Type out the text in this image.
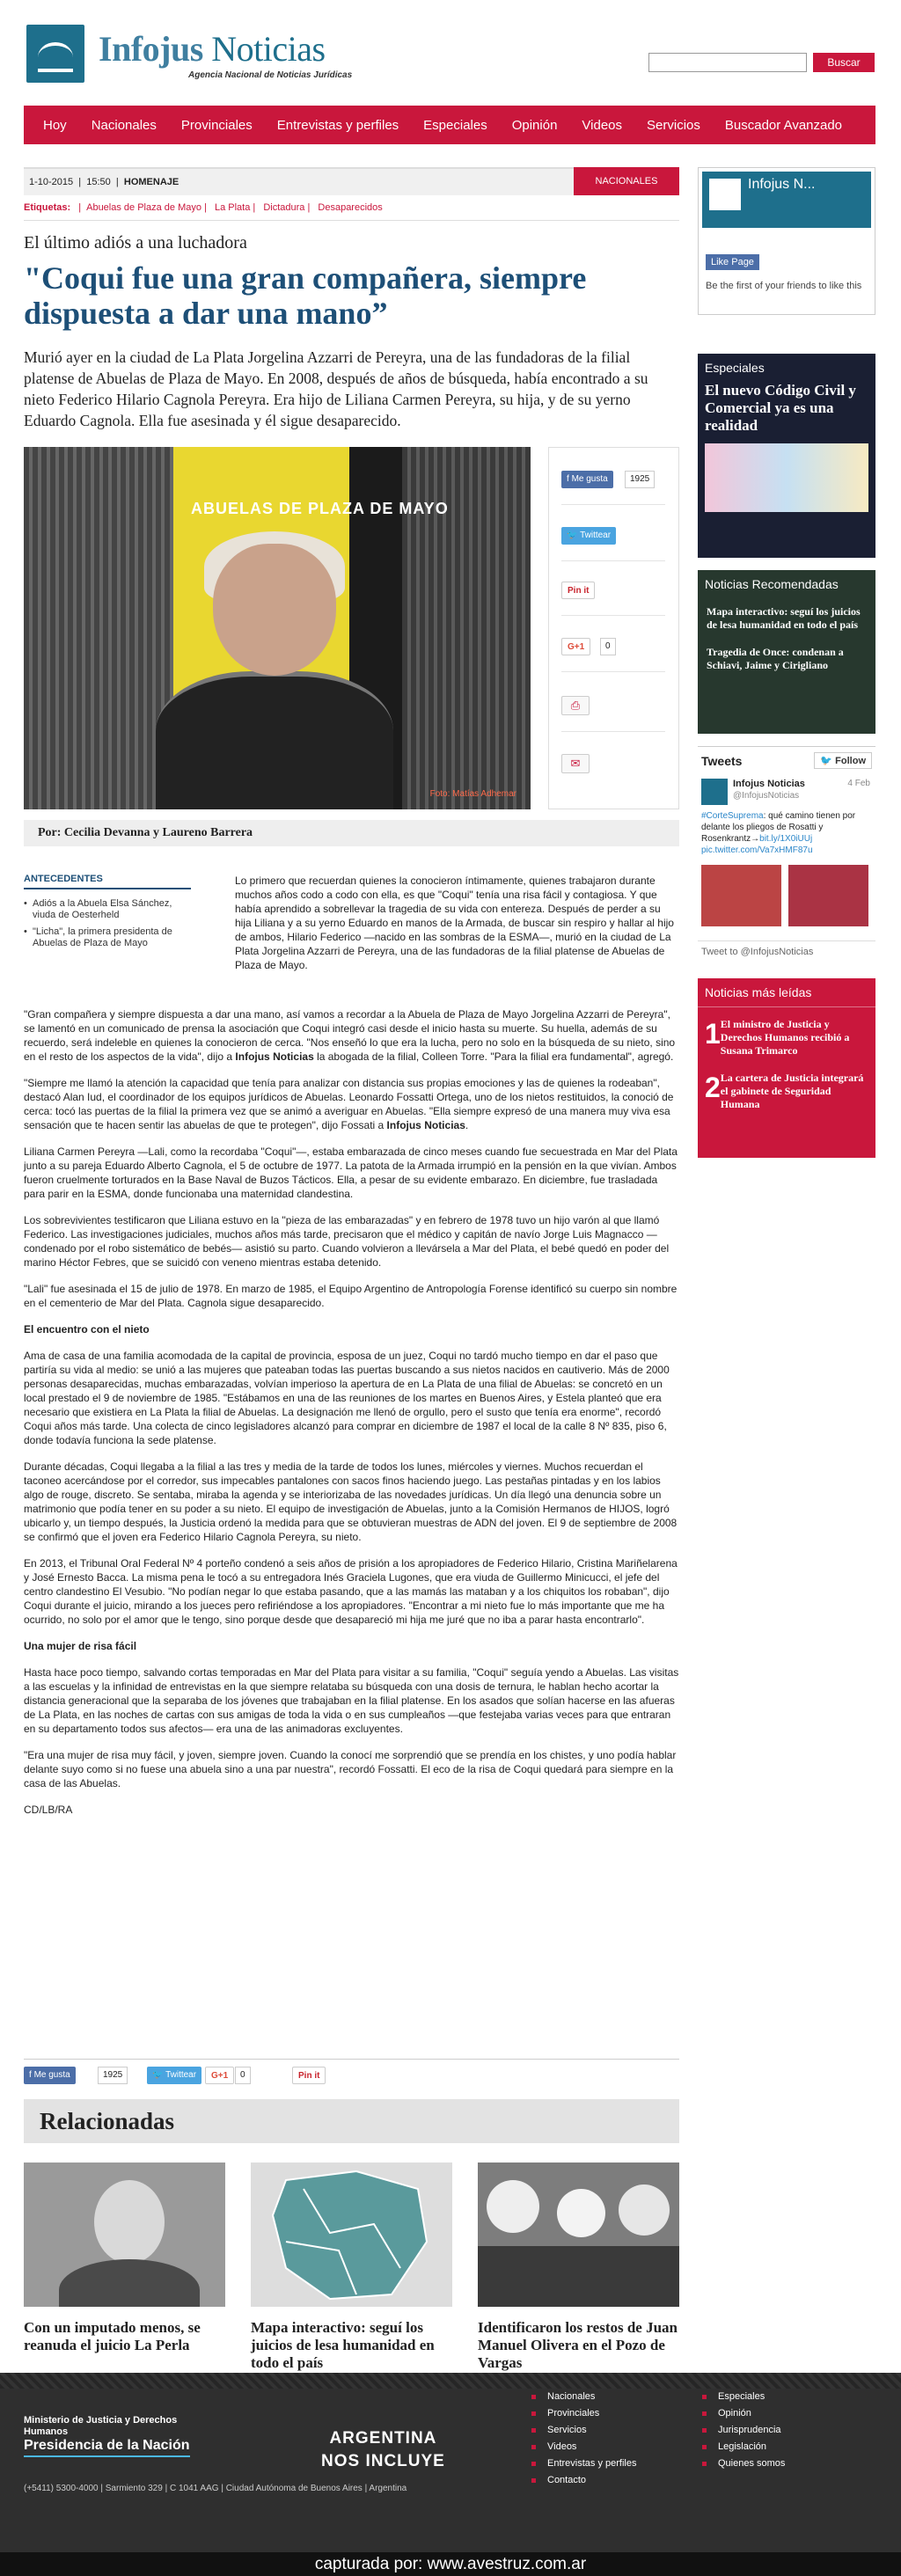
Infojus Noticias
Agencia Nacional de Noticias Jurídicas
Buscar
Hoy	Nacionales	Provinciales	Entrevistas y perfiles	Especiales	Opinión	Videos	Servicios	Buscador Avanzado
1-10-2015  |  15:50  |  HOMENAJE	NACIONALES
Etiquetas: | Abuelas de Plaza de Mayo | La Plata | Dictadura | Desaparecidos
El último adiós a una luchadora
"Coqui fue una gran compañera, siempre dispuesta a dar una mano”

Murió ayer en la ciudad de La Plata Jorgelina Azzarri de Pereyra, una de las fundadoras de la filial platense de Abuelas de Plaza de Mayo. En 2008, después de años de búsqueda, había encontrado a su nieto Federico Hilario Cagnola Pereyra. Era hijo de Liliana Carmen Pereyra, su hija, y de su yerno Eduardo Cagnola. Ella fue asesinada y él sigue desaparecido.

ABUELAS DE PLAZA DE MAYO
Foto: Matías Adhemar
f Me gusta	1925
🐦 Twittear
Pin it
G+1	0
⎙
✉
Por: Cecilia Devanna y Laureno Barrera
ANTECEDENTES
• Adiós a la Abuela Elsa Sánchez, viuda de Oesterheld
• "Licha", la primera presidenta de Abuelas de Plaza de Mayo

Lo primero que recuerdan quienes la conocieron íntimamente, quienes trabajaron durante muchos años codo a codo con ella, es que "Coqui" tenía una risa fácil y contagiosa. Y que había aprendido a sobrellevar la tragedia de su vida con entereza. Después de perder a su hija Liliana y a su yerno Eduardo en manos de la Armada, de buscar sin respiro y hallar al hijo de ambos, Hilario Federico —nacido en las sombras de la ESMA—, murió en la ciudad de La Plata Jorgelina Azzarri de Pereyra, una de las fundadoras de la filial platense de Abuelas de Plaza de Mayo.

"Gran compañera y siempre dispuesta a dar una mano, así vamos a recordar a la Abuela de Plaza de Mayo Jorgelina Azzarri de Pereyra", se lamentó en un comunicado de prensa la asociación que Coqui integró casi desde el inicio hasta su muerte. Su huella, además de su recuerdo, será indeleble en quienes la conocieron de cerca. "Nos enseñó lo que era la lucha, pero no solo en la búsqueda de su nieto, sino en el resto de los aspectos de la vida", dijo a Infojus Noticias la abogada de la filial, Colleen Torre. "Para la filial era fundamental", agregó.

"Siempre me llamó la atención la capacidad que tenía para analizar con distancia sus propias emociones y las de quienes la rodeaban", destacó Alan Iud, el coordinador de los equipos jurídicos de Abuelas. Leonardo Fossatti Ortega, uno de los nietos restituidos, la conoció de cerca: tocó las puertas de la filial la primera vez que se animó a averiguar en Abuelas. "Ella siempre expresó de una manera muy viva esa sensación que te hacen sentir las abuelas de que te protegen", dijo Fossati a Infojus Noticias.

Liliana Carmen Pereyra —Lali, como la recordaba "Coqui"—, estaba embarazada de cinco meses cuando fue secuestrada en Mar del Plata junto a su pareja Eduardo Alberto Cagnola, el 5 de octubre de 1977. La patota de la Armada irrumpió en la pensión en la que vivían. Ambos fueron cruelmente torturados en la Base Naval de Buzos Tácticos. Ella, a pesar de su evidente embarazo. En diciembre, fue trasladada para parir en la ESMA, donde funcionaba una maternidad clandestina.

Los sobrevivientes testificaron que Liliana estuvo en la "pieza de las embarazadas" y en febrero de 1978 tuvo un hijo varón al que llamó Federico. Las investigaciones judiciales, muchos años más tarde, precisaron que el médico y capitán de navío Jorge Luis Magnacco —condenado por el robo sistemático de bebés— asistió su parto. Cuando volvieron a llevársela a Mar del Plata, el bebé quedó en poder del marino Héctor Febres, que se suicidó con veneno mientras estaba detenido.

"Lali" fue asesinada el 15 de julio de 1978. En marzo de 1985, el Equipo Argentino de Antropología Forense identificó su cuerpo sin nombre en el cementerio de Mar del Plata. Cagnola sigue desaparecido.

El encuentro con el nieto

Ama de casa de una familia acomodada de la capital de provincia, esposa de un juez, Coqui no tardó mucho tiempo en dar el paso que partiría su vida al medio: se unió a las mujeres que pateaban todas las puertas buscando a sus nietos nacidos en cautiverio. Más de 2000 personas desaparecidas, muchas embarazadas, volvían imperioso la apertura de en La Plata de una filial de Abuelas: se concretó en un local prestado el 9 de noviembre de 1985. "Estábamos en una de las reuniones de los martes en Buenos Aires, y Estela planteó que era necesario que existiera en La Plata la filial de Abuelas. La designación me llenó de orgullo, pero el susto que tenía era enorme", recordó Coqui años más tarde. Una colecta de cinco legisladores alcanzó para comprar en diciembre de 1987 el local de la calle 8 Nº 835, piso 6, donde todavía funciona la sede platense.

Durante décadas, Coqui llegaba a la filial a las tres y media de la tarde de todos los lunes, miércoles y viernes. Muchos recuerdan el taconeo acercándose por el corredor, sus impecables pantalones con sacos finos haciendo juego. Las pestañas pintadas y en los labios algo de rouge, discreto. Se sentaba, miraba la agenda y se interiorizaba de las novedades jurídicas. Un día llegó una denuncia sobre un matrimonio que podía tener en su poder a su nieto. El equipo de investigación de Abuelas, junto a la Comisión Hermanos de HIJOS, logró ubicarlo y, un tiempo después, la Justicia ordenó la medida para que se obtuvieran muestras de ADN del joven. El 9 de septiembre de 2008 se confirmó que el joven era Federico Hilario Cagnola Pereyra, su nieto.

En 2013, el Tribunal Oral Federal Nº 4 porteño condenó a seis años de prisión a los apropiadores de Federico Hilario, Cristina Mariñelarena y José Ernesto Bacca. La misma pena le tocó a su entregadora Inés Graciela Lugones, que era viuda de Guillermo Minicucci, el jefe del centro clandestino El Vesubio. "No podían negar lo que estaba pasando, que a las mamás las mataban y a los chiquitos los robaban", dijo Coqui durante el juicio, mirando a los jueces pero refiriéndose a los apropiadores. "Encontrar a mi nieto fue lo más importante que me ha ocurrido, no solo por el amor que le tengo, sino porque desde que desapareció mi hija me juré que no iba a parar hasta encontrarlo".

Una mujer de risa fácil

Hasta hace poco tiempo, salvando cortas temporadas en Mar del Plata para visitar a su familia, "Coqui" seguía yendo a Abuelas. Las visitas a las escuelas y la infinidad de entrevistas en la que siempre relataba su búsqueda con una dosis de ternura, le hablan hecho acortar la distancia generacional que la separaba de los jóvenes que trabajaban en la filial platense. En los asados que solían hacerse en las afueras de La Plata, en las noches de cartas con sus amigas de toda la vida o en sus cumpleaños —que festejaba varias veces para que entraran en su departamento todos sus afectos— era una de las animadoras excluyentes.

"Era una mujer de risa muy fácil, y joven, siempre joven. Cuando la conocí me sorprendió que se prendía en los chistes, y uno podía hablar delante suyo como si no fuese una abuela sino a una par nuestra", recordó Fossatti. El eco de la risa de Coqui quedará para siempre en la casa de las Abuelas.

CD/LB/RA

f Me gusta	1925	🐦 Twittear	G+1	0	Pin it
Relacionadas
Con un imputado menos, se reanuda el juicio La Perla
Mapa interactivo: seguí los juicios de lesa humanidad en todo el país
Identificaron los restos de Juan Manuel Olivera en el Pozo de Vargas
Infojus N...
Like Page
Be the first of your friends to like this
Especiales
El nuevo Código Civil y Comercial ya es una realidad
Noticias Recomendadas
Mapa interactivo: seguí los juicios de lesa humanidad en todo el país
Tragedia de Once: condenan a Schiavi, Jaime y Cirigliano
Tweets	🐦 Follow
Infojus Noticias	4 Feb
@InfojusNoticias
#CorteSuprema: qué camino tienen por delante los pliegos de Rosatti y Rosenkrantz→bit.ly/1X0iUUj pic.twitter.com/Va7xHMF87u
Tweet to @InfojusNoticias
Noticias más leídas
1 El ministro de Justicia y Derechos Humanos recibió a Susana Trimarco
2 La cartera de Justicia integrará el gabinete de Seguridad Humana
Ministerio de Justicia y Derechos Humanos
Presidencia de la Nación	ARGENTINA
NOS INCLUYE
(+5411) 5300-4000 | Sarmiento 329 | C 1041 AAG | Ciudad Autónoma de Buenos Aires | Argentina
Nacionales
Provinciales
Servicios
Videos
Entrevistas y perfiles
Contacto
Especiales
Opinión
Jurisprudencia
Legislación
Quienes somos
capturada por: www.avestruz.com.ar
